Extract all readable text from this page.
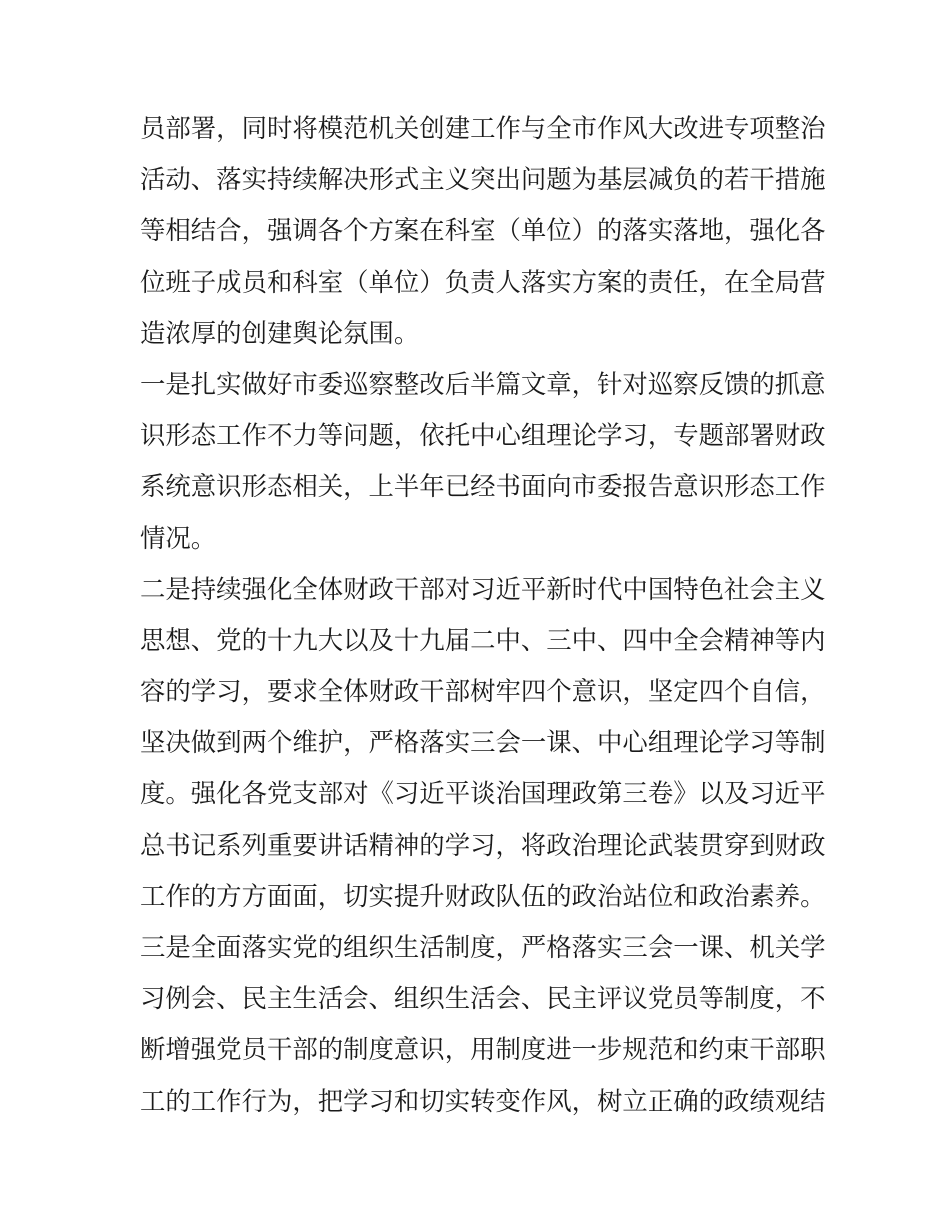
员部署，同时将模范机关创建工作与全市作风大改进专项整治
活动、落实持续解决形式主义突出问题为基层减负的若干措施
等相结合，强调各个方案在科室（单位）的落实落地，强化各
位班子成员和科室（单位）负责人落实方案的责任，在全局营
造浓厚的创建舆论氛围。
一是扎实做好市委巡察整改后半篇文章，针对巡察反馈的抓意
识形态工作不力等问题，依托中心组理论学习，专题部署财政
系统意识形态相关，上半年已经书面向市委报告意识形态工作
情况。
二是持续强化全体财政干部对习近平新时代中国特色社会主义
思想、党的十九大以及十九届二中、三中、四中全会精神等内
容的学习，要求全体财政干部树牢四个意识，坚定四个自信，
坚决做到两个维护，严格落实三会一课、中心组理论学习等制
度。强化各党支部对《习近平谈治国理政第三卷》以及习近平
总书记系列重要讲话精神的学习，将政治理论武装贯穿到财政
工作的方方面面，切实提升财政队伍的政治站位和政治素养。
三是全面落实党的组织生活制度，严格落实三会一课、机关学
习例会、民主生活会、组织生活会、民主评议党员等制度，不
断增强党员干部的制度意识，用制度进一步规范和约束干部职
工的工作行为，把学习和切实转变作风，树立正确的政绩观结
